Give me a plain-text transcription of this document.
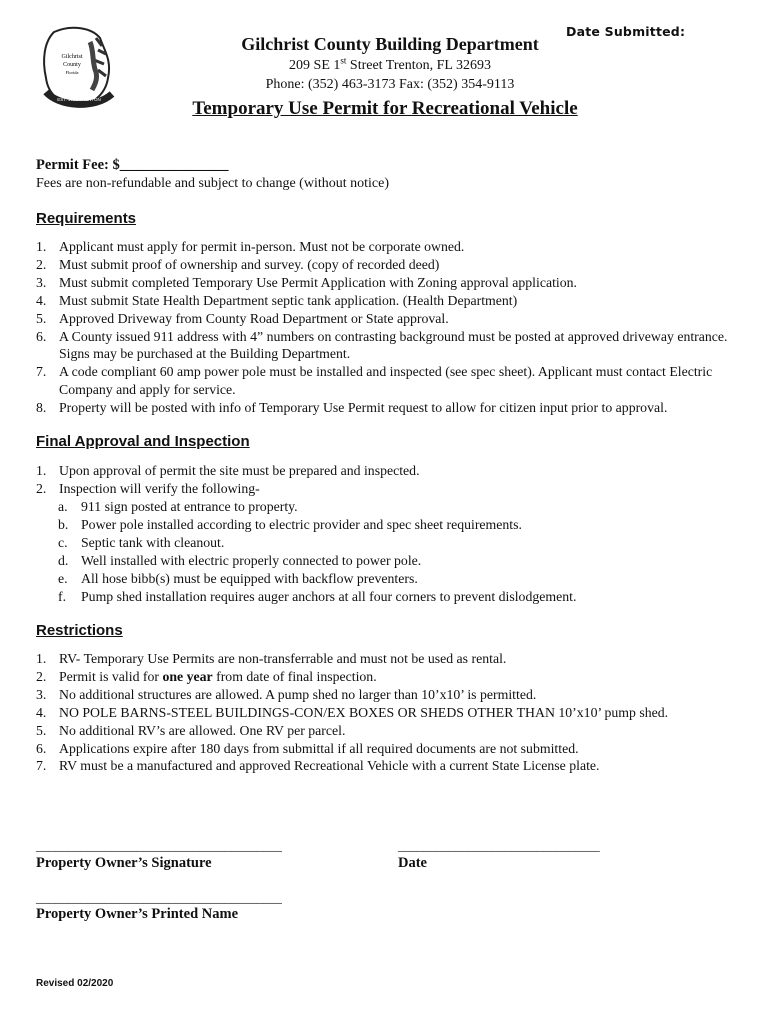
Gilchrist
County
Florida
EST. 1925 TRENTON
Date Submitted:
Gilchrist County Building Department
209 SE 1st Street Trenton, FL 32693
Phone: (352) 463-3173 Fax: (352) 354-9113
Temporary Use Permit for Recreational Vehicle
Permit Fee: $_______________
Fees are non-refundable and subject to change (without notice)
Requirements
1. Applicant must apply for permit in-person. Must not be corporate owned.
2. Must submit proof of ownership and survey. (copy of recorded deed)
3. Must submit completed Temporary Use Permit Application with Zoning approval application.
4. Must submit State Health Department septic tank application. (Health Department)
5. Approved Driveway from County Road Department or State approval.
6. A County issued 911 address with 4” numbers on contrasting background must be posted at approved driveway entrance. Signs may be purchased at the Building Department.
7. A code compliant 60 amp power pole must be installed and inspected (see spec sheet). Applicant must contact Electric Company and apply for service.
8. Property will be posted with info of Temporary Use Permit request to allow for citizen input prior to approval.
Final Approval and Inspection
1. Upon approval of permit the site must be prepared and inspected.
2. Inspection will verify the following-
a. 911 sign posted at entrance to property.
b. Power pole installed according to electric provider and spec sheet requirements.
c. Septic tank with cleanout.
d. Well installed with electric properly connected to power pole.
e. All hose bibb(s) must be equipped with backflow preventers.
f. Pump shed installation requires auger anchors at all four corners to prevent dislodgement.
Restrictions
1. RV- Temporary Use Permits are non-transferrable and must not be used as rental.
2. Permit is valid for one year from date of final inspection.
3. No additional structures are allowed. A pump shed no larger than 10’x10’ is permitted.
4. NO POLE BARNS-STEEL BUILDINGS-CON/EX BOXES OR SHEDS OTHER THAN 10’x10’ pump shed.
5. No additional RV’s are allowed. One RV per parcel.
6. Applications expire after 180 days from submittal if all required documents are not submitted.
7. RV must be a manufactured and approved Recreational Vehicle with a current State License plate.
_______________________________________	________________________________
Property Owner’s Signature	Date
_______________________________________
Property Owner’s Printed Name
Revised 02/2020
